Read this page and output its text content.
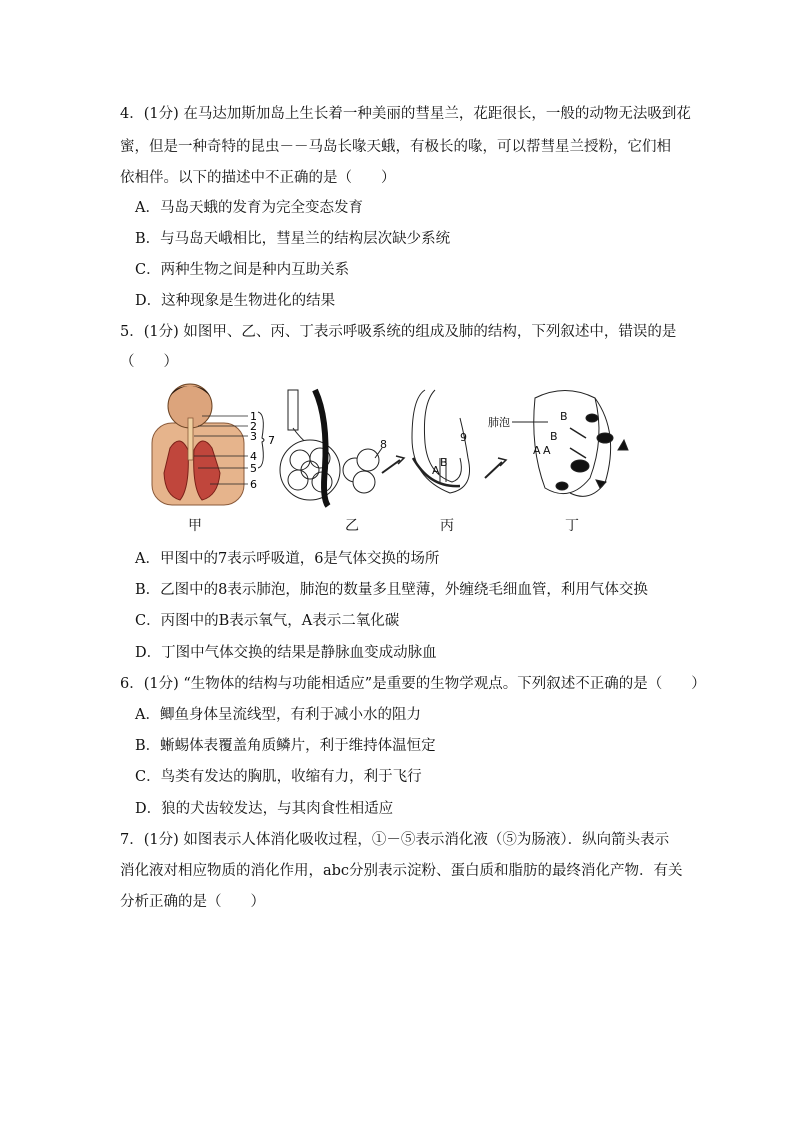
4．(1分) 在马达加斯加岛上生长着一种美丽的彗星兰，花距很长，一般的动物无法吸到花
蜜，但是一种奇特的昆虫－－马岛长喙天蛾，有极长的喙，可以帮彗星兰授粉，它们相
依相伴。以下的描述中不正确的是（　　）
A．马岛天蛾的发育为完全变态发育
B．与马岛天峨相比，彗星兰的结构层次缺少系统
C．两种生物之间是种内互助关系
D．这种现象是生物进化的结果
5．(1分) 如图甲、乙、丙、丁表示呼吸系统的组成及肺的结构，下列叙述中，错误的是
（　　）
1
2
3
4
5
6
7	8
A
B
9
肺泡	B
B
A A
甲	乙	丙	丁
A．甲图中的7表示呼吸道，6是气体交换的场所
B．乙图中的8表示肺泡，肺泡的数量多且壁薄，外缠绕毛细血管，利用气体交换
C．丙图中的B表示氧气，A表示二氧化碳
D．丁图中气体交换的结果是静脉血变成动脉血
6．(1分) “生物体的结构与功能相适应”是重要的生物学观点。下列叙述不正确的是（　　）
A．鲫鱼身体呈流线型，有利于减小水的阻力
B．蜥蜴体表覆盖角质鳞片，利于维持体温恒定
C．鸟类有发达的胸肌，收缩有力，利于飞行
D．狼的犬齿较发达，与其肉食性相适应
7．(1分) 如图表示人体消化吸收过程，①－⑤表示消化液（⑤为肠液）．纵向箭头表示
消化液对相应物质的消化作用，abc分别表示淀粉、蛋白质和脂肪的最终消化产物．有关
分析正确的是（　　）
